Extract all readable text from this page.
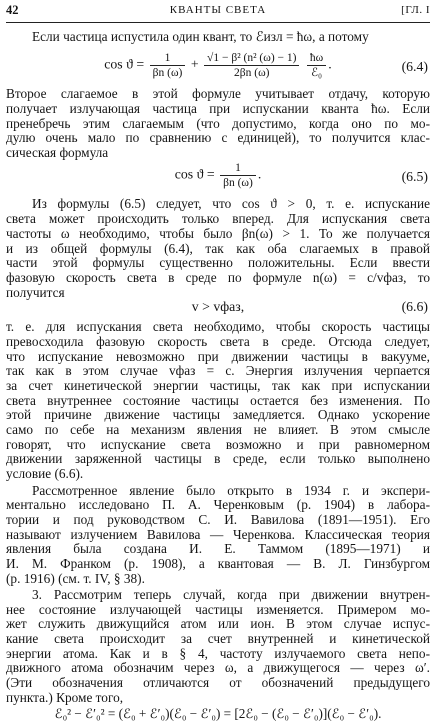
42	КВАНТЫ СВЕТА	[ГЛ. I
Если частица испустила один квант, то ℰизл = ħω, а потому
$\cos ϑ = \frac{1}{\beta n (\omega)} + \frac{\text{√1 − β² (n² (ω) − 1)}}{2\beta n (\omega)}$
$\frac{ħ\omega}{\text{ℰ₀}}$ .	(6.4)
Второе слагаемое в этой формуле учитывает отдачу, которую
получает излучающая частица при испускании кванта ħω. Если
пренебречь этим слагаемым (что допустимо, когда оно по мо-
дулю очень мало по сравнению с единицей), то получится клас-
сическая формула
$\cos ϑ = \frac{1}{\beta n (\omega)}$ .	(6.5)
Из формулы (6.5) следует, что cos ϑ > 0, т. е. испускание
света может происходить только вперед. Для испускания света
частоты ω необходимо, чтобы было βn(ω) > 1. То же получается
и из общей формулы (6.4), так как оба слагаемых в правой
части этой формулы существенно положительны. Если ввести
фазовую скорость света в среде по формуле n(ω) = c/vфаз, то
получится
v > vфаз,	(6.6)
т. е. для испускания света необходимо, чтобы скорость частицы
превосходила фазовую скорость света в среде. Отсюда следует,
что испускание невозможно при движении частицы в вакууме,
так как в этом случае vфаз = c. Энергия излучения черпается
за счет кинетической энергии частицы, так как при испускании
света внутреннее состояние частицы остается без изменения. По
этой причине движение частицы замедляется. Однако ускорение
само по себе на механизм явления не влияет. В этом смысле
говорят, что испускание света возможно и при равномерном
движении заряженной частицы в среде, если только выполнено
условие (6.6).
Рассмотренное явление было открыто в 1934 г. и экспери-
ментально исследовано П. А. Черенковым (р. 1904) в лабора-
тории и под руководством С. И. Вавилова (1891—1951). Его
называют излучением Вавилова — Черенкова. Классическая теория
явления была создана И. Е. Таммом (1895—1971) и
И. М. Франком (р. 1908), а квантовая — В. Л. Гинзбургом
(р. 1916) (см. т. IV, § 38).
3. Рассмотрим теперь случай, когда при движении внутрен-
нее состояние излучающей частицы изменяется. Примером мо-
жет служить движущийся атом или ион. В этом случае испус-
кание света происходит за счет внутренней и кинетической
энергии атома. Как и в § 4, частоту излучаемого света непо-
движного атома обозначим через ω, а движущегося — через ω′.
(Эти обозначения отличаются от обозначений предыдущего
пункта.) Кроме того,
ℰ₀² − ℰ′₀² = (ℰ₀ + ℰ′₀)(ℰ₀ − ℰ′₀) = [2ℰ₀ − (ℰ₀ − ℰ′₀)](ℰ₀ − ℰ′₀).
